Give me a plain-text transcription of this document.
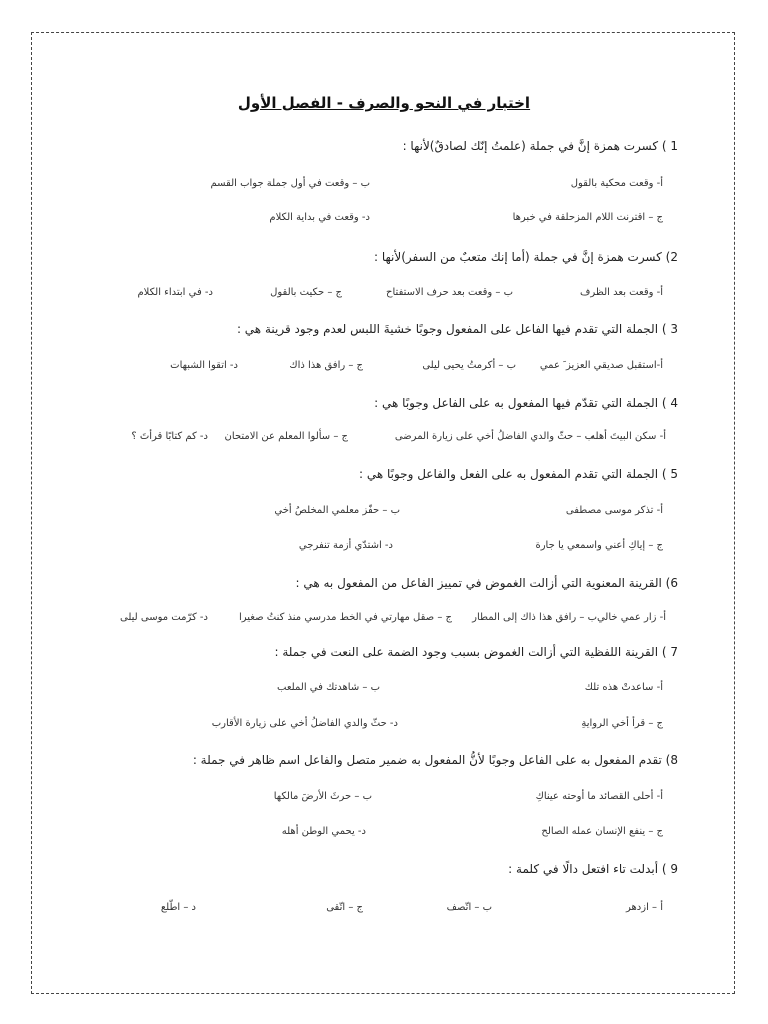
اختبار في النحو والصرف - الفصل الأول
1 ) كسرت همزة إنَّ في جملة (علمتُ إنّك لصادقٌ)لأنها :
أ- وقعت محكية بالقول
ب – وقعت في أول جملة جواب القسم
ج – اقترنت اللام المزحلقة في خبرها
د- وقعت في بداية الكلام
2) كسرت همزة إنَّ في جملة (أما إنك متعبٌ من السفر)لأنها :
أ- وقعت بعد الظرف
ب – وقعت بعد حرف الاستفتاح
ج – حكيت بالقول
د- في ابتداء الكلام
3 ) الجملة التي تقدم فيها الفاعل على المفعول وجوبًا خشيةَ اللبس لعدم وجود قرينة هي :
أ-استقبل صديقي العزيز َ عمي
ب – أكرمتُ يحيى ليلى
ج – رافق هذا ذاك
د- اتقوا الشبهات
4 ) الجملة التي تقدّم فيها المفعول به على الفاعل وجوبًا هي :
أ- سكن البيتَ أهله
ب – حثّ والدي الفاضلُ أخي على زيارة المرضى
ج – سألوا المعلم عن الامتحان
د- كم كتابًا قرأتَ ؟
5 ) الجملة التي تقدم المفعول به على الفعل والفاعل وجوبًا هي :
أ- تذكر موسى مصطفى
ب – حفّز معلمي المخلصُ أخي
ج – إياكِ أعني واسمعي يا جارة
د- اشتدّي أزمة تنفرجي
6) القرينة المعنوية التي أزالت الغموض في تمييز الفاعل من المفعول به هي :
أ- زار عمي خالي
ب – رافق هذا ذاك إلى المطار
ج – صقل مهارتي في الخط مدرسي منذ كنتُ صغيرا
د- كرّمت موسى ليلى
7 ) القرينة اللفظية التي أزالت الغموض بسبب وجود الضمة على النعت في جملة :
أ- ساعدتْ هذه تلك
ب – شاهدتك في الملعب
ج – قرأ أخي الروايةِ
د- حثّ والدي الفاضلُ أخي على زيارة الأقارب
8) تقدم المفعول به على الفاعل وجوبًا لأنُّ المفعول به ضمير متصل والفاعل اسم ظاهر في جملة :
أ- أحلى القصائد ما أوحته عيناكِ
ب – حرثَ الأرضَ مالكها
ج – ينفع الإنسان عمله الصالح
د- يحمي الوطن أهله
9 ) أبدلت تاء افتعل دالًا في كلمة :
أ – ازدهر
ب – اتّصف
ج – اتّقى
د – اطّلع
